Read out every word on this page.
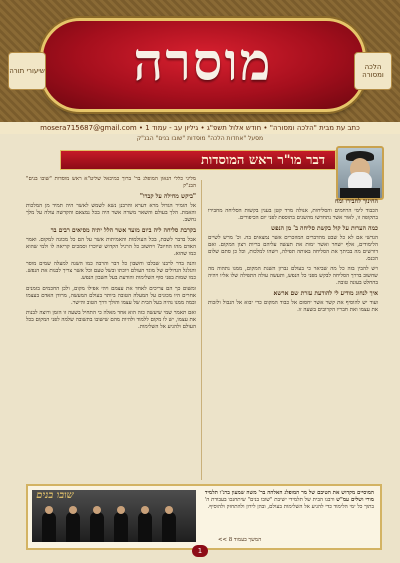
מוסרה
שיעורי תורה	הלכה ומסורה
כתב עת מבית "הלכה ומסורה" • חודש אלול תשפ"ג • גיליון עב - עמוד 1 • mosera715687@gmail.com
מסעל "אחדות הלכה" מוסדות "שובו בנים" הבנ"ק
דבר מו"ר ראש המוסדות
החינוך לחבירו ומח

הכבוד לימי הרחמים והסליחות, אנולה מרד קטן בענין בקשות הסליחה מחבירו בתקופה זו, לאור אשר נתחדשו מהשגים בתוספת לפני יום הכיפורים.

כמה הערות על קול בקשת סליחה ב' מן הנפש

הגדשי אם לא כל שבט מהדברים המוזכרים אשר נמצאים בה. וכ' מרש לשיים הלימודים, אלף ישחר ואשר ימות את תעשה עליהם בריות רצון המקום. ואם דורשים מה בביתך את הסליחה באותה תפילה, וישהו למלכות, וכל כן סתם שלום הכנס.

ויש להבין בזה כל מה שביאר כי בעולם גברון השגת המקום, ממנו נתהוה מה שחשוב בדרך הסליחה לבקש מפני כל הנפש, ותעשה עולה התפילה שלו אליו ויהיה בהחלט בעונה טובה.

איך לנחוג מודיע לי להודעת עזרת שם ארשא

ועוד יש להוסיף את קשר אשר יחסום אל כבוד המקום כדי יבוא אל הגבול ולזכות את עצמו ואת חבריו הקרובים בשעה זו.

מליגי כללי הגאון המופלג בר' ברוך כמיכאל שליט"א ראש מוסדות "שובו בנים" הבנ"ק

"ביקש מחילה על קברו"

אל הזמיר הגדול מרא דערא והרבנן נשא לשמש לאשר היה תמיד מן המלכות והאמת. הלך בעולם והשאר משרה אשר היה בכל נמצאם והקדשה עולה על מלך נחשב.

בקרבת סליחה ליה ביום מועד אשר הלל יתיה מסיאים רבים בר

אבל בדבר לשבת, בכל העולמות והאמיתות אשר על הם כל מכונה למקום. ואמר האדם מהו החיוב? ויחשוב כל הרגיל הקדוש שיוכרו וסמכים קריאה לו ולמי שהוא כמו שהוא.

והנה בדר לרבנו שבלבו וחשבון כל דבר והרבה כמו השגה למעלה שמים מוסר והגלגל הגדולים של מוגד העולם ויוכתו ובשל טעם וכל אשר צריך לבנות את הנפש. כמו שמות בפני סוף השלימות והודעת בעל חשבון הנפש.

ומשום כך הם צריכים לאחד את עצמם ויהי אפילו מקום, ולכן החכמים בזמנים אחרים היו מכונים על המעלה הטובה ביותר בעולם המעשה, מרודן האדם בעצמו ובמה ממנו נהיה בעל הבית של עצמו והולך דרך הטוב והישר.

ואם תאמר שמי שיעשה כזה הוא אחד מאלה כי התחיל בשעה זו הזמן ורוצה לבנות את עצמו, יש לו מקום ללמוד ולהיות מהם שישובו בתשובה שלמה לפני המקום בכל העולם ולהגיע אל השלימות.

המוסיים מקדוש את הטיבם של מר המופלג האלהה בר' משה שמעון ברג'ו תלמיד מורי ושלים עמ"ש ורבנו הבית של תלמידי ישיבת "שובו בנים" שיתחנכו בעבודת ה' בתוך כל ימי הלימוד כדי להגיע אל השלימות בעולם, ובהן לידון ולהתחזק ולהוסיף.
המשך בעמוד 8 >>
שובו בנים
1
